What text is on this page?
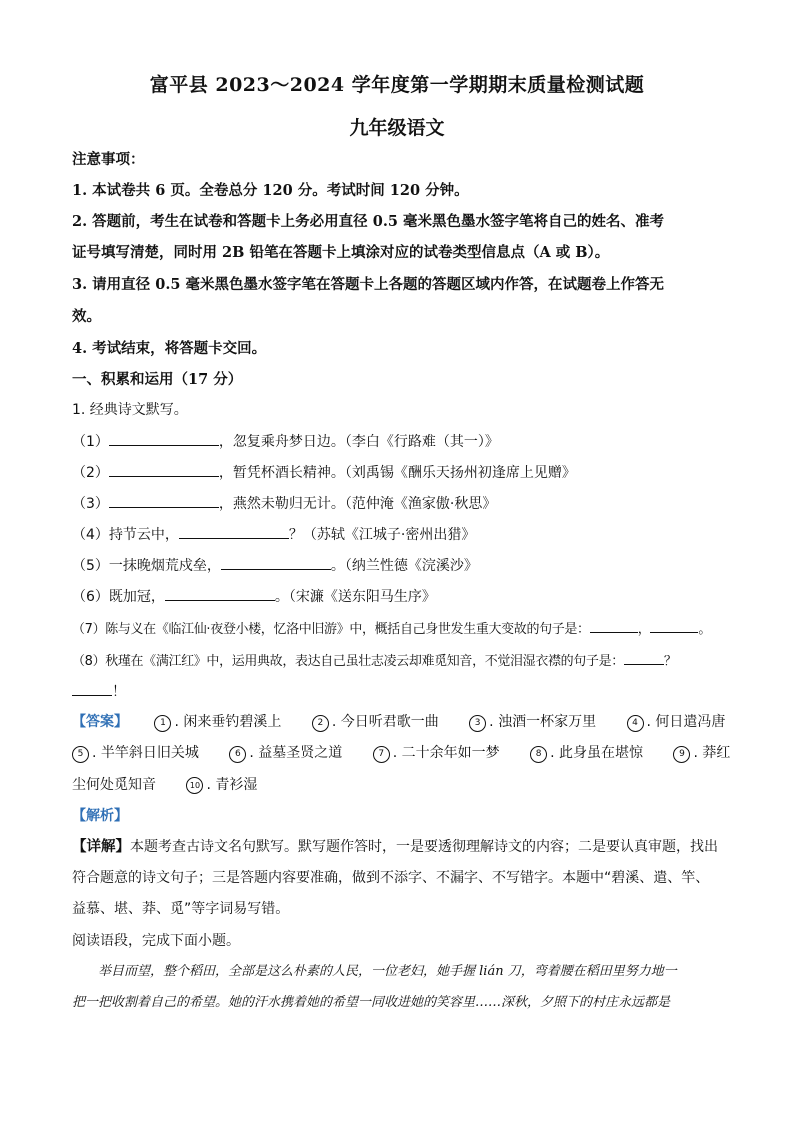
富平县 2023～2024 学年度第一学期期末质量检测试题
九年级语文
注意事项：
1. 本试卷共 6 页。全卷总分 120 分。考试时间 120 分钟。
2. 答题前，考生在试卷和答题卡上务必用直径 0.5 毫米黑色墨水签字笔将自己的姓名、准考
证号填写清楚，同时用 2B 铅笔在答题卡上填涂对应的试卷类型信息点（A 或 B）。
3. 请用直径 0.5 毫米黑色墨水签字笔在答题卡上各题的答题区域内作答，在试题卷上作答无
效。
4. 考试结束，将答题卡交回。
一、积累和运用（17 分）
1. 经典诗文默写。
（1）	，忽复乘舟梦日边。（李白《行路难（其一）》
（2）	，暂凭杯酒长精神。（刘禹锡《酬乐天扬州初逢席上见赠》
（3）	，燕然未勒归无计。（范仲淹《渔家傲·秋思》
（4）持节云中，	？（苏轼《江城子·密州出猎》
（5）一抹晚烟荒戍垒，	。（纳兰性德《浣溪沙》
（6）既加冠，	。（宋濂《送东阳马生序》
（7）陈与义在《临江仙·夜登小楼，忆洛中旧游》中，概括自己身世发生重大变故的句子是：	，	。
（8）秋瑾在《满江红》中，运用典故，表达自己虽壮志凌云却难觅知音，不觉泪湿衣襟的句子是：	？
！
【答案】	1 . 闲来垂钓碧溪上	2 . 今日听君歌一曲	3 . 浊酒一杯家万里	4 . 何日遣冯唐
5 . 半竿斜日旧关城	6 . 益墓圣贤之道	7 . 二十余年如一梦	8 . 此身虽在堪惊	9 . 莽红
尘何处觅知音	10 . 青衫湿
【解析】
【详解】本题考查古诗文名句默写。默写题作答时，一是要透彻理解诗文的内容；二是要认真审题，找出
符合题意的诗文句子；三是答题内容要准确，做到不添字、不漏字、不写错字。本题中“碧溪、遣、竿、
益慕、堪、莽、觅”等字词易写错。
阅读语段，完成下面小题。
举目而望，整个稻田，全部是这么朴素的人民，一位老妇，她手握 lián 刀，弯着腰在稻田里努力地一
把一把收割着自己的希望。她的汗水携着她的希望一同收进她的笑容里……深秋，夕照下的村庄永远都是
